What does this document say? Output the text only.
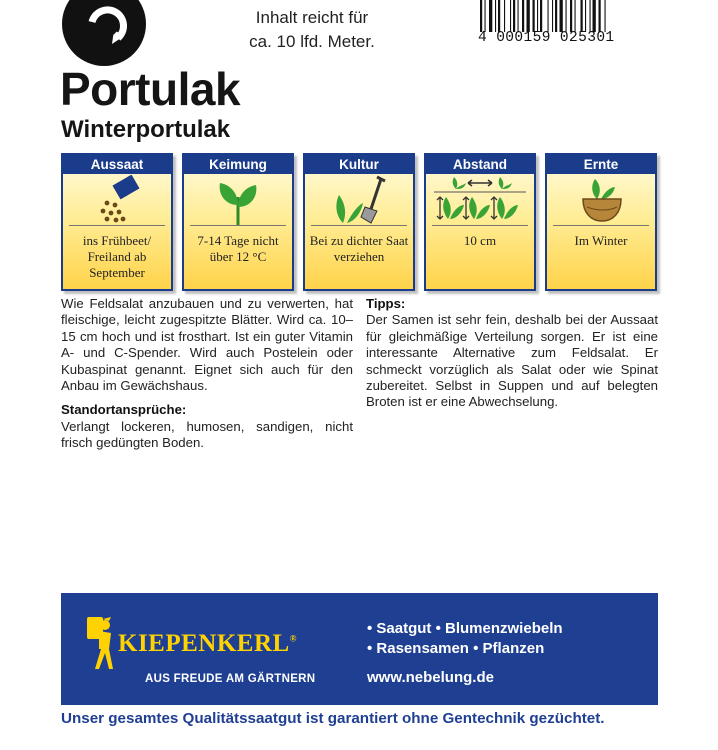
Inhalt reicht für
ca. 10 lfd. Meter.	4 000159 025301
Portulak
Winterportulak
Aussaat
ins Frühbeet/ Freiland ab September
Keimung
7-14 Tage nicht über 12 °C
Kultur
Bei zu dichter Saat verziehen
Abstand
10 cm
Ernte
Im Winter

Wie Feldsalat anzubauen und zu verwerten, hat fleischige, leicht zugespitzte Blätter. Wird ca. 10–15 cm hoch und ist frosthart. Ist ein guter Vitamin A- und C-Spender. Wird auch Postelein oder Kubaspinat genannt. Eignet sich auch für den Anbau im Gewächshaus.

Standortansprüche:

Verlangt lockeren, humosen, sandigen, nicht frisch gedüngten Boden.

Tipps:

Der Samen ist sehr fein, deshalb bei der Aussaat für gleichmäßige Verteilung sorgen. Er ist eine interessante Alternative zum Feldsalat. Er schmeckt vorzüglich als Salat oder wie Spinat zubereitet. Selbst in Suppen und auf belegten Broten ist er eine Abwechselung.

KIEPENKERL®
AUS FREUDE AM GÄRTNERN
• Saatgut • Blumenzwiebeln
• Rasensamen • Pflanzen
www.nebelung.de
Unser gesamtes Qualitätssaatgut ist garantiert ohne Gentechnik gezüchtet.
